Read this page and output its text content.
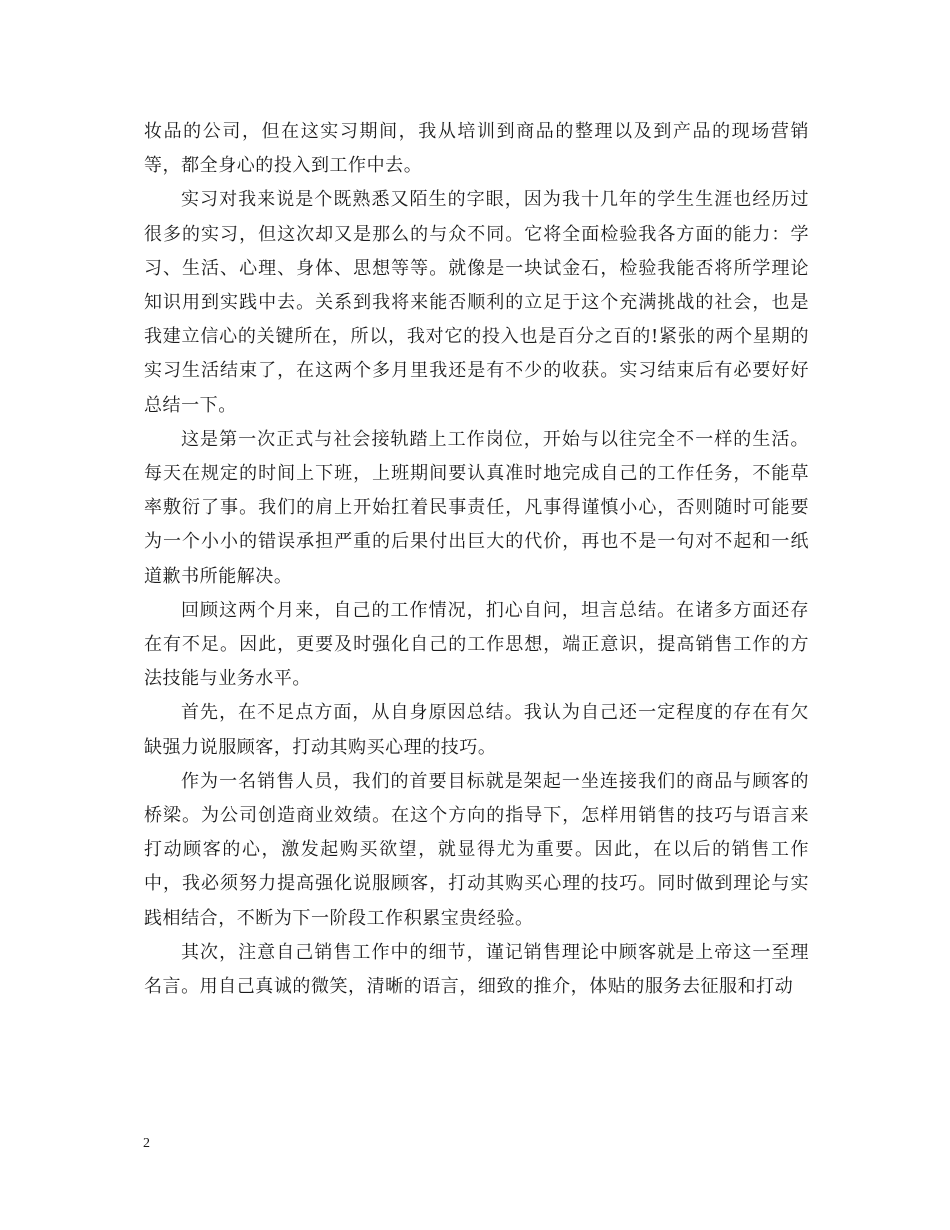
妆品的公司，但在这实习期间，我从培训到商品的整理以及到产品的现场营销等，都全身心的投入到工作中去。

实习对我来说是个既熟悉又陌生的字眼，因为我十几年的学生生涯也经历过很多的实习，但这次却又是那么的与众不同。它将全面检验我各方面的能力：学习、生活、心理、身体、思想等等。就像是一块试金石，检验我能否将所学理论知识用到实践中去。关系到我将来能否顺利的立足于这个充满挑战的社会，也是我建立信心的关键所在，所以，我对它的投入也是百分之百的!紧张的两个星期的实习生活结束了，在这两个多月里我还是有不少的收获。实习结束后有必要好好总结一下。

这是第一次正式与社会接轨踏上工作岗位，开始与以往完全不一样的生活。每天在规定的时间上下班，上班期间要认真准时地完成自己的工作任务，不能草率敷衍了事。我们的肩上开始扛着民事责任，凡事得谨慎小心，否则随时可能要为一个小小的错误承担严重的后果付出巨大的代价，再也不是一句对不起和一纸道歉书所能解决。

回顾这两个月来，自己的工作情况，扪心自问，坦言总结。在诸多方面还存在有不足。因此，更要及时强化自己的工作思想，端正意识，提高销售工作的方法技能与业务水平。

首先，在不足点方面，从自身原因总结。我认为自己还一定程度的存在有欠缺强力说服顾客，打动其购买心理的技巧。

作为一名销售人员，我们的首要目标就是架起一坐连接我们的商品与顾客的桥梁。为公司创造商业效绩。在这个方向的指导下，怎样用销售的技巧与语言来打动顾客的心，激发起购买欲望，就显得尤为重要。因此，在以后的销售工作中，我必须努力提高强化说服顾客，打动其购买心理的技巧。同时做到理论与实践相结合，不断为下一阶段工作积累宝贵经验。

其次，注意自己销售工作中的细节，谨记销售理论中顾客就是上帝这一至理名言。用自己真诚的微笑，清晰的语言，细致的推介，体贴的服务去征服和打动

2
